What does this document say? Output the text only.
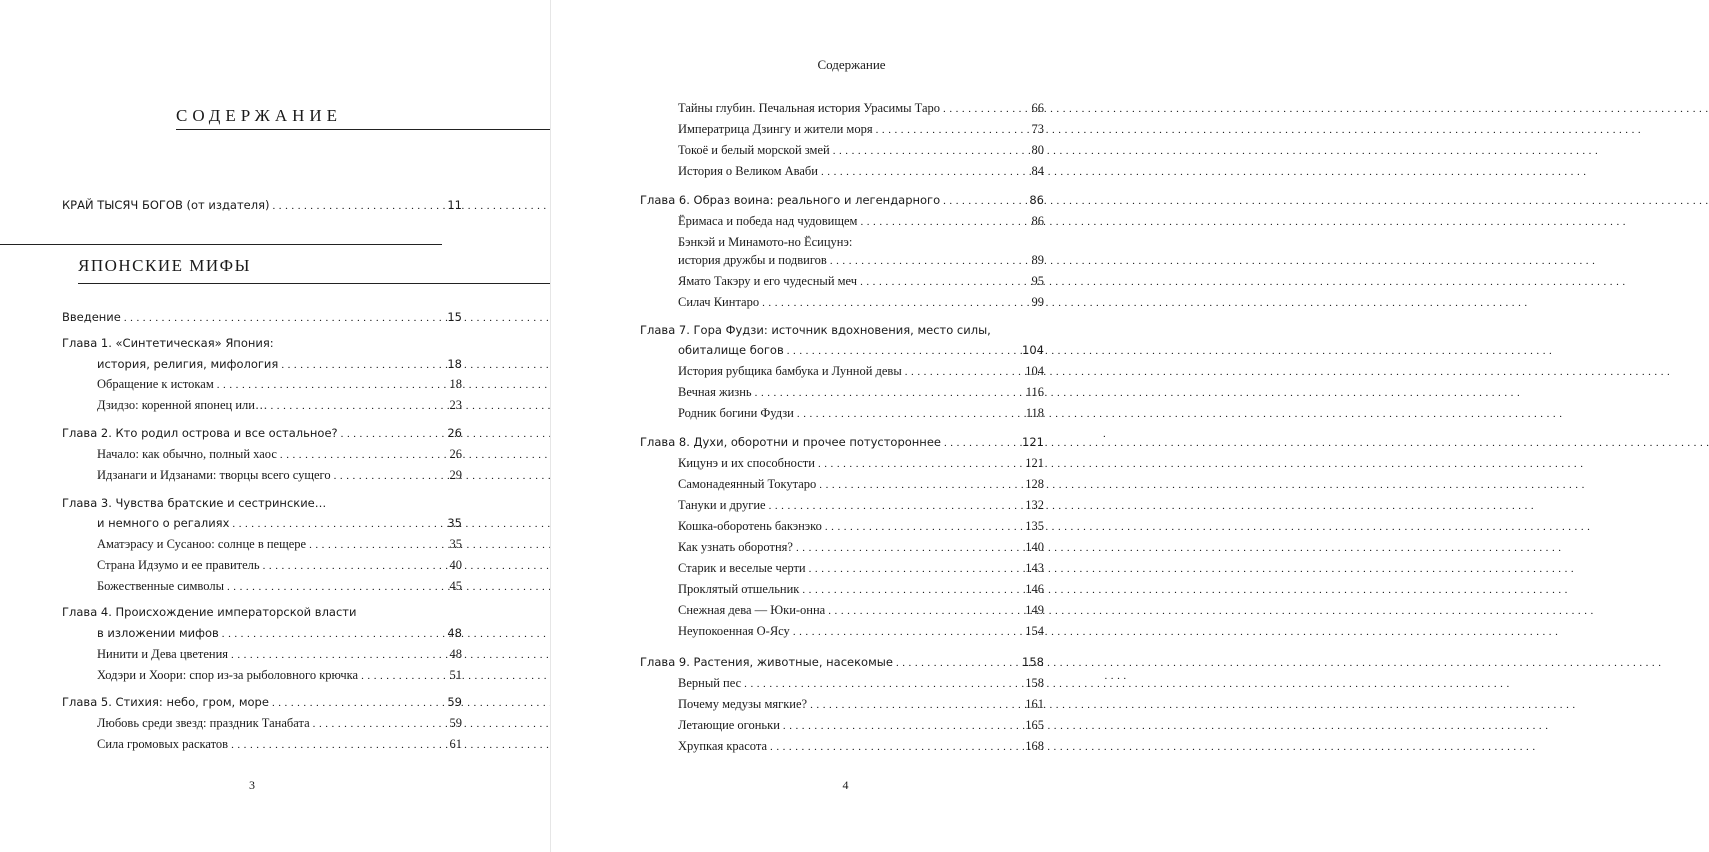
СОДЕРЖАНИЕ
КРАЙ ТЫСЯЧ БОГОВ (от издателя) . . .	11
ЯПОНСКИЕ МИФЫ
Введение . . .	15
Глава 1. «Синтетическая» Япония:
история, религия, мифология . . .	18
Обращение к истокам . . .	18
Дзидзо: коренной японец или… . . .	23
Глава 2. Кто родил острова и все остальное? . . .	26
Начало: как обычно, полный хаос . . .	26
Идзанаги и Идзанами: творцы всего сущего . . .	29
Глава 3. Чувства братские и сестринские…
и немного о регалиях . . .	35
Аматэрасу и Сусаноо: солнце в пещере . . .	35
Страна Идзумо и ее правитель . . .	40
Божественные символы . . .	45
Глава 4. Происхождение императорской власти
в изложении мифов . . .	48
Нинити и Дева цветения . . .	48
Ходэри и Хоори: спор из-за рыболовного крючка . . .	51
Глава 5. Стихия: небо, гром, море . . .	59
Любовь среди звезд: праздник Танабата . . .	59
Сила громовых раскатов . . .	61
3
Содержание
Тайны глубин. Печальная история Урасимы Таро . . .	66
Императрица Дзингу и жители моря . . .	73
Токоё и белый морской змей . . .	80
История о Великом Аваби . . .	84
Глава 6. Образ воина: реального и легендарного . . .	86
Ёримаса и победа над чудовищем . . .	86
Бэнкэй и Минамото-но Ёсицунэ:
история дружбы и подвигов . . .	89
Ямато Такэру и его чудесный меч . . .	95
Силач Кинтаро . . .	99
Глава 7. Гора Фудзи: источник вдохновения, место силы,
обиталище богов . . .	104
История рубщика бамбука и Лунной девы . . .	104
Вечная жизнь . . .	116
Родник богини Фудзи . . .	118
Глава 8. Духи, оборотни и прочее потустороннее . . .	121
Кицунэ и их способности . . .	121
Самонадеянный Токутаро . . .	128
Тануки и другие . . .	132
Кошка-оборотень бакэнэко . . .	135
Как узнать оборотня? . . .	140
Старик и веселые черти . . .	143
Проклятый отшельник . . .	146
Снежная дева — Юки-онна . . .	149
Неупокоенная О-Ясу . . .	154
Глава 9. Растения, животные, насекомые . . .	158
Верный пес . . .	158
Почему медузы мягкие? . . .	161
Летающие огоньки . . .	165
Хрупкая красота . . .	168
4
